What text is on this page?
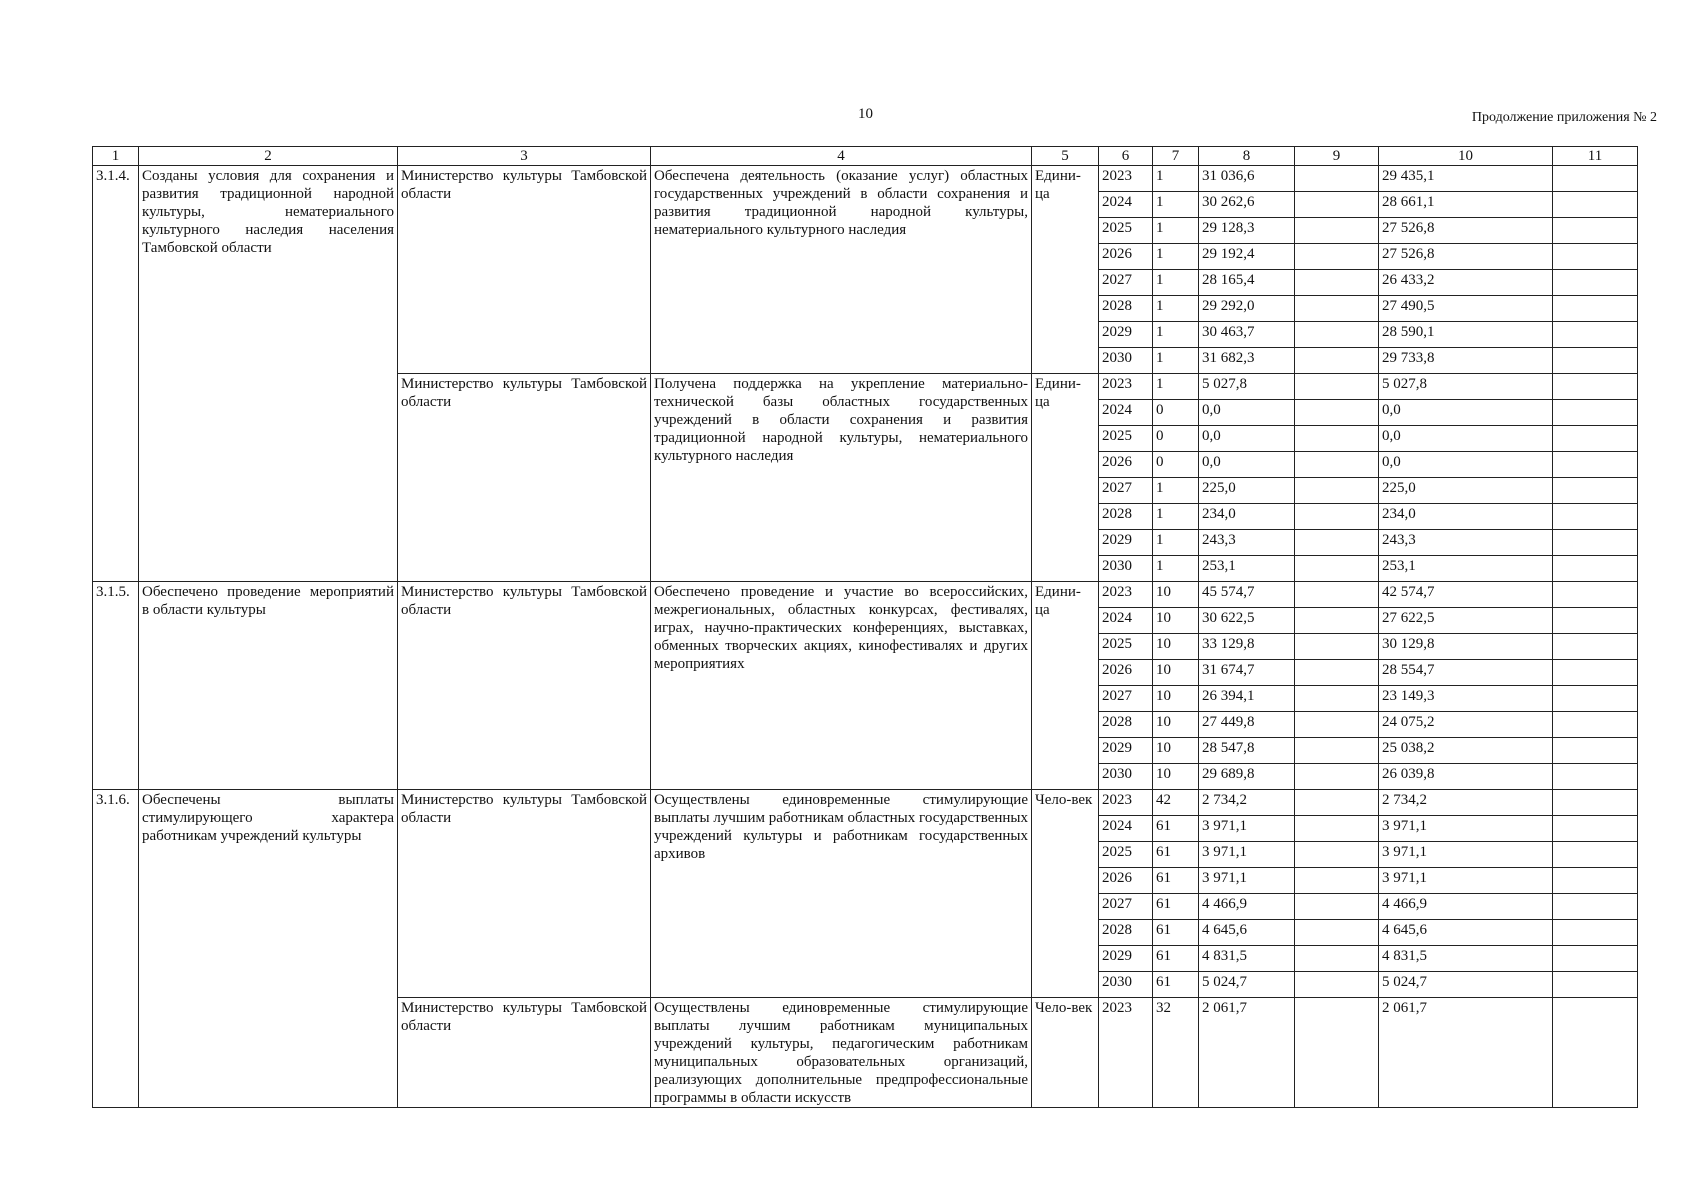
10	Продолжение приложения № 2
1	2	3	4	5	6	7	8	9	10	11	
3.1.4.	Созданы условия для сохранения и развития традиционной народной культуры, нематериального культурного наследия населения Тамбовской области	Министерство культуры Тамбовской области	Обеспечена деятельность (оказание услуг) областных государственных учреждений в области сохранения и развития традиционной народной культуры, нематериального культурного наследия	Едини-ца	2023	1	31 036,6		29 435,1		
					2024	1	30 262,6		28 661,1		
					2025	1	29 128,3		27 526,8		
					2026	1	29 192,4		27 526,8		
					2027	1	28 165,4		26 433,2		
					2028	1	29 292,0		27 490,5		
					2029	1	30 463,7		28 590,1		
					2030	1	31 682,3		29 733,8		
		Министерство культуры Тамбовской области	Получена поддержка на укрепление материально-технической базы областных государственных учреждений в области сохранения и развития традиционной народной культуры, нематериального культурного наследия	Едини-ца	2023	1	5 027,8		5 027,8		
					2024	0	0,0		0,0		
					2025	0	0,0		0,0		
					2026	0	0,0		0,0		
					2027	1	225,0		225,0		
					2028	1	234,0		234,0		
					2029	1	243,3		243,3		
					2030	1	253,1		253,1		
3.1.5.	Обеспечено проведение мероприятий в области культуры	Министерство культуры Тамбовской области	Обеспечено проведение и участие во всероссийских, межрегиональных, областных конкурсах, фестивалях, играх, научно-практических конференциях, выставках, обменных творческих акциях, кинофестивалях и других мероприятиях	Едини-ца	2023	10	45 574,7		42 574,7		
					2024	10	30 622,5		27 622,5		
					2025	10	33 129,8		30 129,8		
					2026	10	31 674,7		28 554,7		
					2027	10	26 394,1		23 149,3		
					2028	10	27 449,8		24 075,2		
					2029	10	28 547,8		25 038,2		
					2030	10	29 689,8		26 039,8		
3.1.6.	Обеспечены выплаты стимулирующего характера работникам учреждений культуры	Министерство культуры Тамбовской области	Осуществлены единовременные стимулирующие выплаты лучшим работникам областных государственных учреждений культуры и работникам государственных архивов	Чело-век	2023	42	2 734,2		2 734,2		
					2024	61	3 971,1		3 971,1		
					2025	61	3 971,1		3 971,1		
					2026	61	3 971,1		3 971,1		
					2027	61	4 466,9		4 466,9		
					2028	61	4 645,6		4 645,6		
					2029	61	4 831,5		4 831,5		
					2030	61	5 024,7		5 024,7		
		Министерство культуры Тамбовской области	Осуществлены единовременные стимулирующие выплаты лучшим работникам муниципальных учреждений культуры, педагогическим работникам муниципальных образовательных организаций, реализующих дополнительные предпрофессиональные программы в области искусств	Чело-век	2023	32	2 061,7		2 061,7		
